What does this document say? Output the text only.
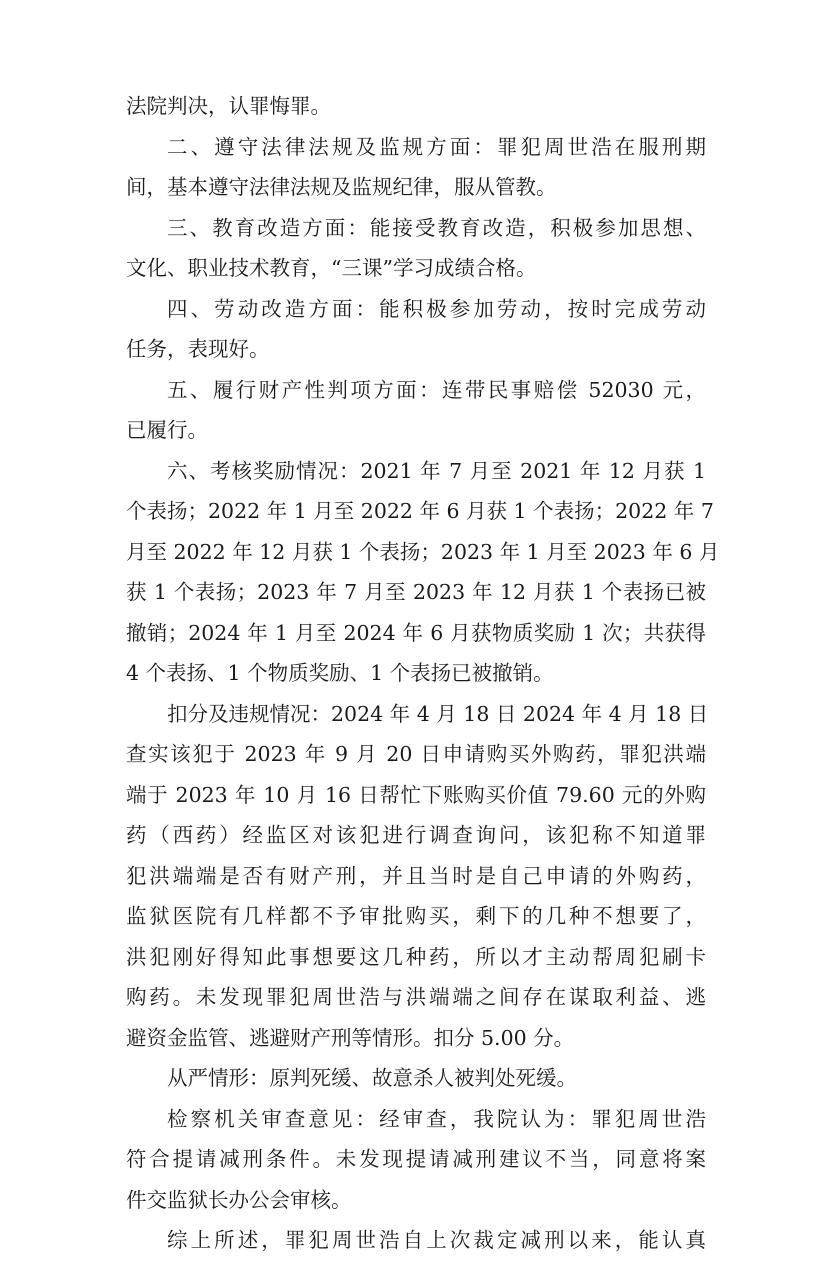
法院判决，认罪悔罪。
二、遵守法律法规及监规方面：罪犯周世浩在服刑期
间，基本遵守法律法规及监规纪律，服从管教。
三、教育改造方面：能接受教育改造，积极参加思想、
文化、职业技术教育，“三课”学习成绩合格。
四、劳动改造方面：能积极参加劳动，按时完成劳动
任务，表现好。
五、履行财产性判项方面：连带民事赔偿 52030 元，
已履行。
六、考核奖励情况：2021 年 7 月至 2021 年 12 月获 1
个表扬；2022 年 1 月至 2022 年 6 月获 1 个表扬；2022 年 7
月至 2022 年 12 月获 1 个表扬；2023 年 1 月至 2023 年 6 月
获 1 个表扬；2023 年 7 月至 2023 年 12 月获 1 个表扬已被
撤销；2024 年 1 月至 2024 年 6 月获物质奖励 1 次；共获得
4 个表扬、1 个物质奖励、1 个表扬已被撤销。
扣分及违规情况：2024 年 4 月 18 日 2024 年 4 月 18 日
查实该犯于 2023 年 9 月 20 日申请购买外购药，罪犯洪端
端于 2023 年 10 月 16 日帮忙下账购买价值 79.60 元的外购
药（西药）经监区对该犯进行调查询问，该犯称不知道罪
犯洪端端是否有财产刑，并且当时是自己申请的外购药，
监狱医院有几样都不予审批购买，剩下的几种不想要了，
洪犯刚好得知此事想要这几种药，所以才主动帮周犯刷卡
购药。未发现罪犯周世浩与洪端端之间存在谋取利益、逃
避资金监管、逃避财产刑等情形。扣分 5.00 分。
从严情形：原判死缓、故意杀人被判处死缓。
检察机关审查意见：经审查，我院认为：罪犯周世浩
符合提请减刑条件。未发现提请减刑建议不当，同意将案
件交监狱长办公会审核。
综上所述，罪犯周世浩自上次裁定减刑以来，能认真
